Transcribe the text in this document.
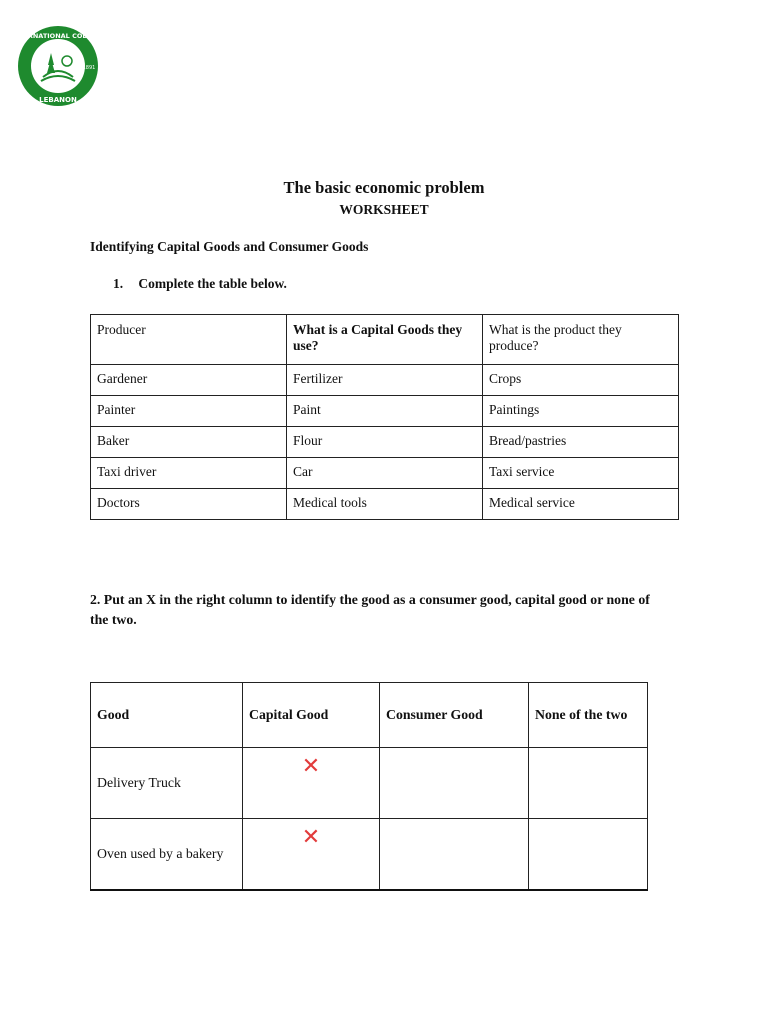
INTERNATIONAL COLLEGE
LEBANON
1891
The basic economic problem
WORKSHEET
Identifying Capital Goods and Consumer Goods
1. Complete the table below.
Producer	What is a Capital Goods they use?	What is the product they produce?
Gardener	Fertilizer	Crops
Painter	Paint	Paintings
Baker	Flour	Bread/pastries
Taxi driver	Car	Taxi service
Doctors	Medical tools	Medical service
2. Put an X in the right column to identify the good as a consumer good, capital good or none of the two.
Good	Capital Good	Consumer Good	None of the two
Delivery Truck	✕		
Oven used by a bakery	✕		
